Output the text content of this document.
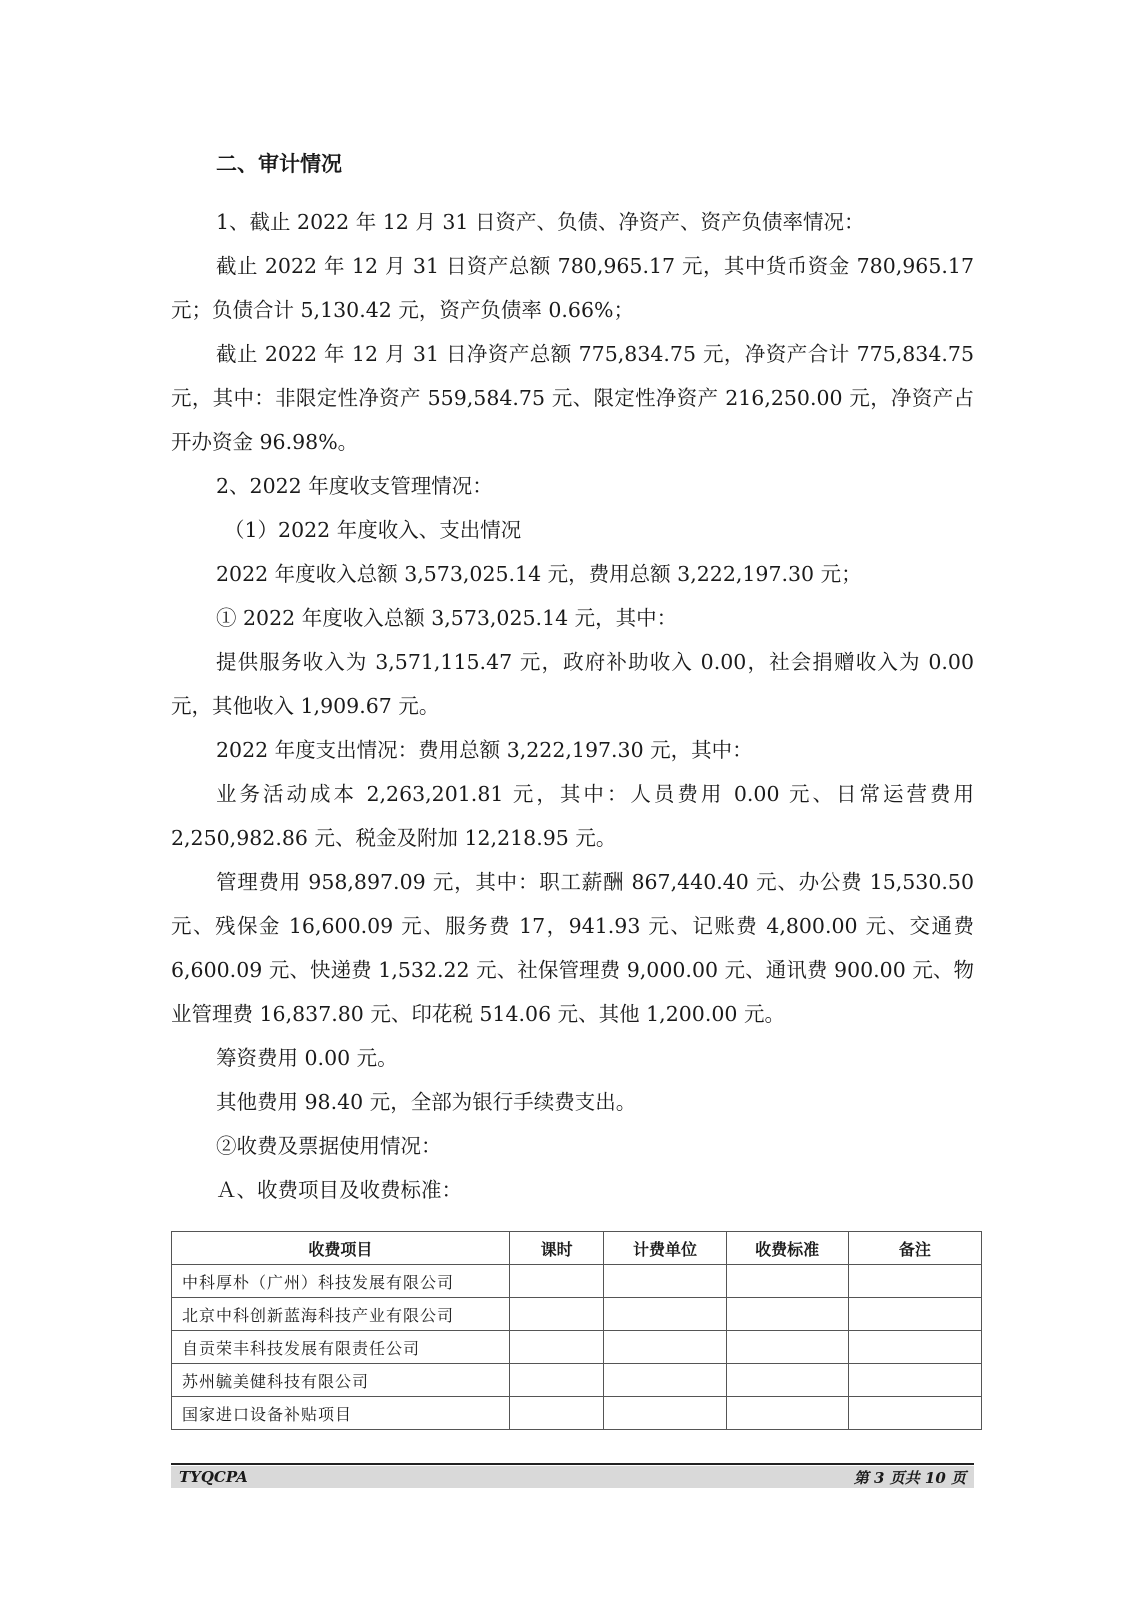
二、审计情况

1、截止 2022 年 12 月 31 日资产、负债、净资产、资产负债率情况：

截止 2022 年 12 月 31 日资产总额 780,965.17 元，其中货币资金 780,965.17 元；负债合计 5,130.42 元，资产负债率 0.66%；

截止 2022 年 12 月 31 日净资产总额 775,834.75 元，净资产合计 775,834.75 元，其中：非限定性净资产 559,584.75 元、限定性净资产 216,250.00 元，净资产占开办资金 96.98%。

2、2022 年度收支管理情况：

（1）2022 年度收入、支出情况

2022 年度收入总额 3,573,025.14 元，费用总额 3,222,197.30 元；

① 2022 年度收入总额 3,573,025.14 元，其中：

提供服务收入为 3,571,115.47 元，政府补助收入 0.00，社会捐赠收入为 0.00 元，其他收入 1,909.67 元。

2022 年度支出情况：费用总额 3,222,197.30 元，其中：

业务活动成本 2,263,201.81 元，其中：人员费用 0.00 元、日常运营费用 2,250,982.86 元、税金及附加 12,218.95 元。

管理费用 958,897.09 元，其中：职工薪酬 867,440.40 元、办公费 15,530.50 元、残保金 16,600.09 元、服务费 17，941.93 元、记账费 4,800.00 元、交通费 6,600.09 元、快递费 1,532.22 元、社保管理费 9,000.00 元、通讯费 900.00 元、物业管理费 16,837.80 元、印花税 514.06 元、其他 1,200.00 元。

筹资费用 0.00 元。

其他费用 98.40 元，全部为银行手续费支出。

②收费及票据使用情况：

Ａ、收费项目及收费标准：

收费项目	课时	计费单位	收费标准	备注
中科厚朴（广州）科技发展有限公司				
北京中科创新蓝海科技产业有限公司				
自贡荣丰科技发展有限责任公司				
苏州毓美健科技有限公司				
国家进口设备补贴项目				
TYQCPA	第 3 页共 10 页
